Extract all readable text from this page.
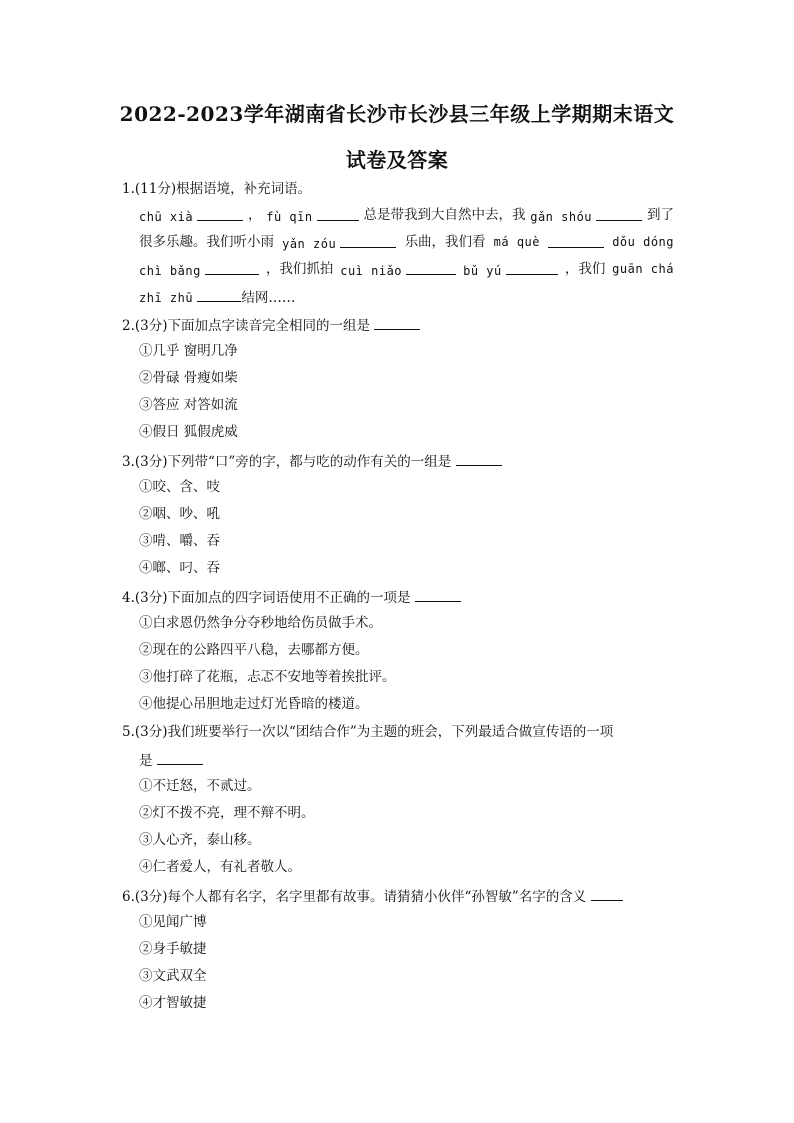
2022-2023学年湖南省长沙市长沙县三年级上学期期末语文
试卷及答案
1.(11分)根据语境，补充词语。
chū xià	， fù qīn	总是带我到大自然中去，我 gǎn shóu	到了
很多乐趣。我们听小雨 yǎn zóu	乐曲，我们看 má què	dǒu dóng
chì bǎng	，我们抓拍 cuì niǎo	bǔ yú	，我们 guān chá
zhī zhū	结网……
2.(3分)下面加点字读音完全相同的一组是
①几乎 窗明几净
②骨碌 骨瘦如柴
③答应 对答如流
④假日 狐假虎威
3.(3分)下列带“口”旁的字，都与吃的动作有关的一组是
①咬、含、吱
②咽、吵、吼
③啃、嚼、吞
④啷、叼、吞
4.(3分)下面加点的四字词语使用不正确的一项是
①白求恩仍然争分夺秒地给伤员做手术。
②现在的公路四平八稳，去哪都方便。
③他打碎了花瓶，忐忑不安地等着挨批评。
④他提心吊胆地走过灯光昏暗的楼道。
5.(3分)我们班要举行一次以“团结合作”为主题的班会，下列最适合做宣传语的一项
是
①不迁怒，不贰过。
②灯不拨不亮，理不辩不明。
③人心齐，泰山移。
④仁者爱人，有礼者敬人。
6.(3分)每个人都有名字，名字里都有故事。请猜猜小伙伴“孙智敏”名字的含义
①见闻广博
②身手敏捷
③文武双全
④才智敏捷
